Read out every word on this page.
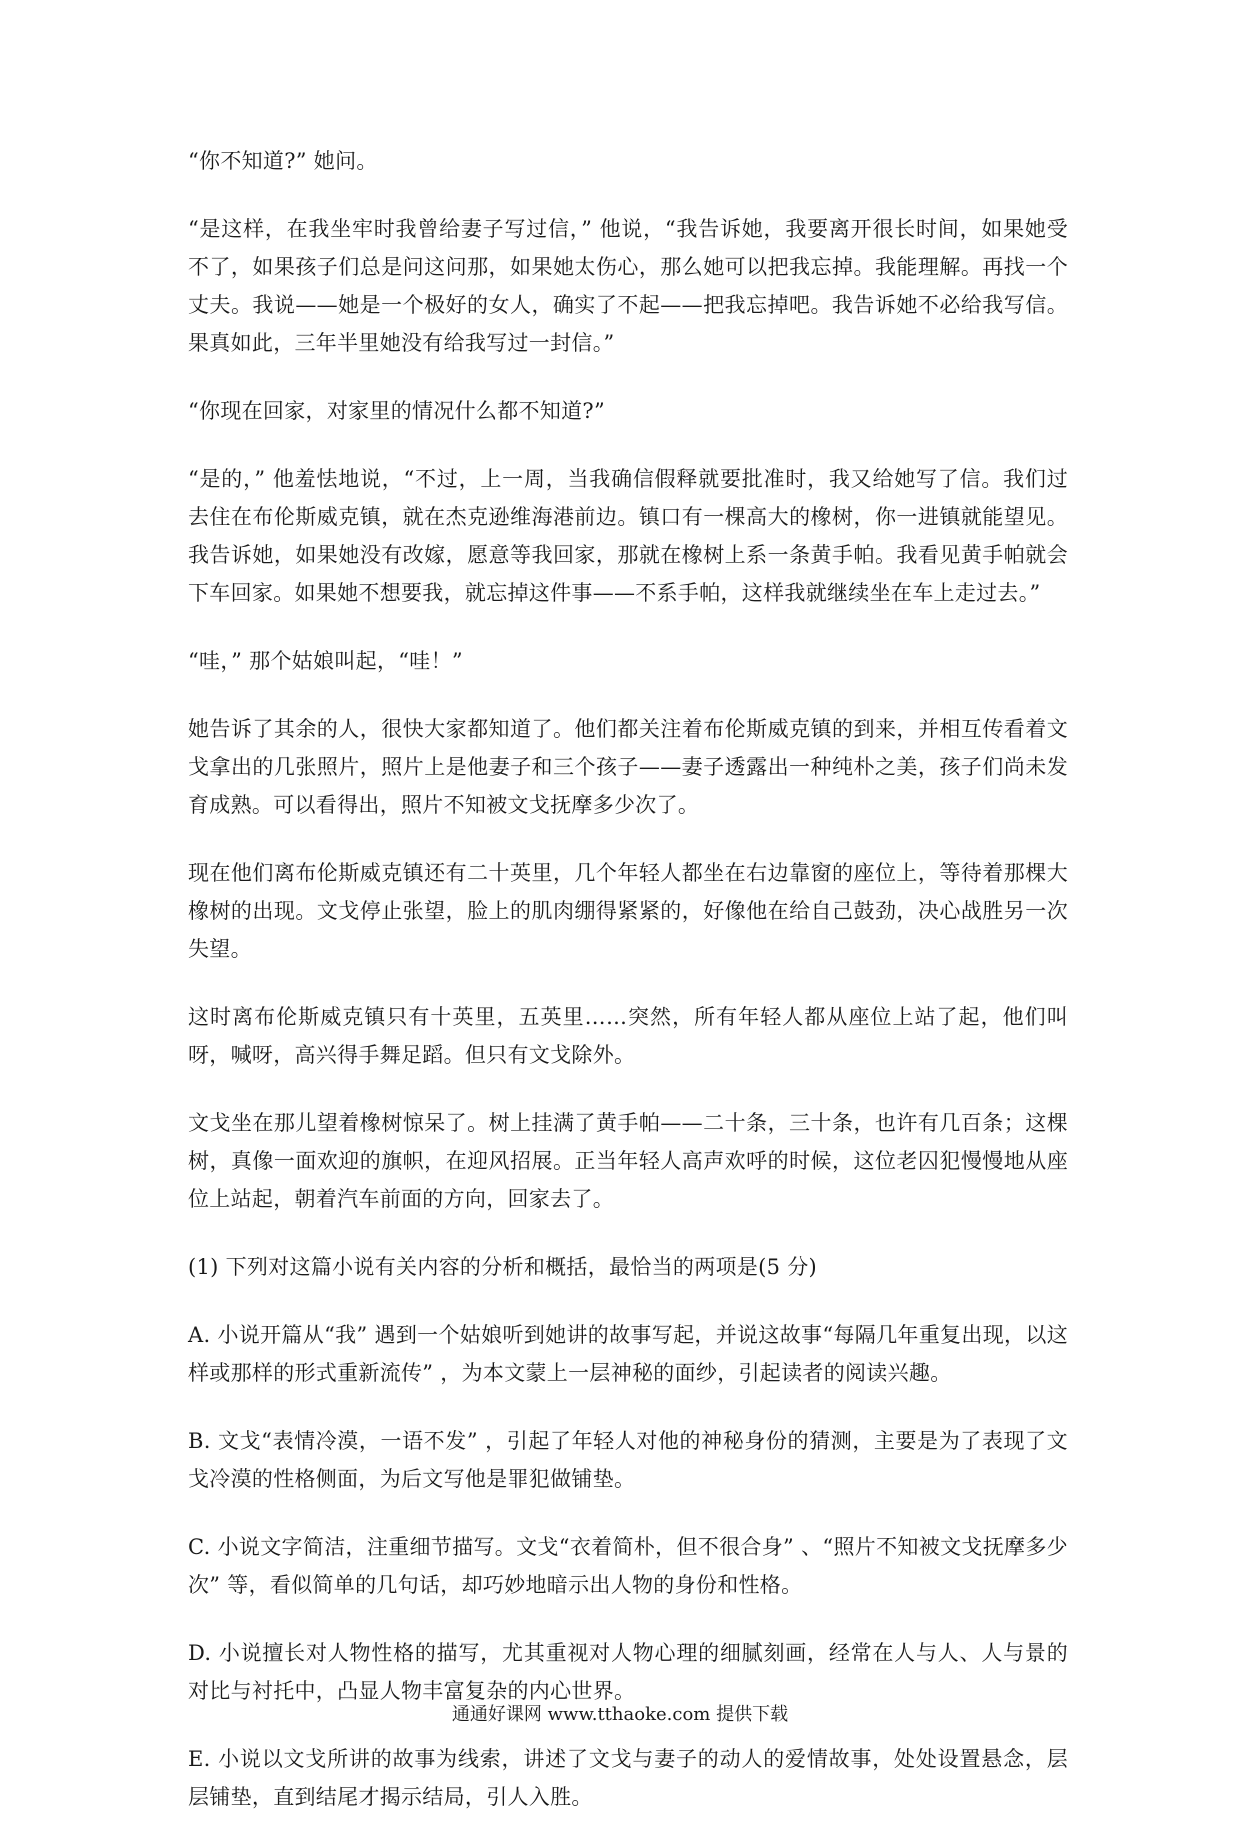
“你不知道?” 她问。

“是这样，在我坐牢时我曾给妻子写过信，” 他说，“我告诉她，我要离开很长时间，如果她受不了，如果孩子们总是问这问那，如果她太伤心，那么她可以把我忘掉。我能理解。再找一个丈夫。我说——她是一个极好的女人，确实了不起——把我忘掉吧。我告诉她不必给我写信。果真如此，三年半里她没有给我写过一封信。”

“你现在回家，对家里的情况什么都不知道?”

“是的，” 他羞怯地说，“不过，上一周，当我确信假释就要批准时，我又给她写了信。我们过去住在布伦斯威克镇，就在杰克逊维海港前边。镇口有一棵高大的橡树，你一进镇就能望见。我告诉她，如果她没有改嫁，愿意等我回家，那就在橡树上系一条黄手帕。我看见黄手帕就会下车回家。如果她不想要我，就忘掉这件事——不系手帕，这样我就继续坐在车上走过去。”

“哇，” 那个姑娘叫起，“哇！”

她告诉了其余的人，很快大家都知道了。他们都关注着布伦斯威克镇的到来，并相互传看着文戈拿出的几张照片，照片上是他妻子和三个孩子——妻子透露出一种纯朴之美，孩子们尚未发育成熟。可以看得出，照片不知被文戈抚摩多少次了。

现在他们离布伦斯威克镇还有二十英里，几个年轻人都坐在右边靠窗的座位上，等待着那棵大橡树的出现。文戈停止张望，脸上的肌肉绷得紧紧的，好像他在给自己鼓劲，决心战胜另一次失望。

这时离布伦斯威克镇只有十英里，五英里……突然，所有年轻人都从座位上站了起，他们叫呀，喊呀，高兴得手舞足蹈。但只有文戈除外。

文戈坐在那儿望着橡树惊呆了。树上挂满了黄手帕——二十条，三十条，也许有几百条；这棵树，真像一面欢迎的旗帜，在迎风招展。正当年轻人高声欢呼的时候，这位老囚犯慢慢地从座位上站起，朝着汽车前面的方向，回家去了。

(1) 下列对这篇小说有关内容的分析和概括，最恰当的两项是(5 分)

A. 小说开篇从“我” 遇到一个姑娘听到她讲的故事写起，并说这故事“每隔几年重复出现，以这样或那样的形式重新流传” ，为本文蒙上一层神秘的面纱，引起读者的阅读兴趣。

B. 文戈“表情冷漠，一语不发” ，引起了年轻人对他的神秘身份的猜测，主要是为了表现了文戈冷漠的性格侧面，为后文写他是罪犯做铺垫。

C. 小说文字简洁，注重细节描写。文戈“衣着简朴，但不很合身” 、“照片不知被文戈抚摩多少次” 等，看似简单的几句话，却巧妙地暗示出人物的身份和性格。

D. 小说擅长对人物性格的描写，尤其重视对人物心理的细腻刻画，经常在人与人、人与景的对比与衬托中，凸显人物丰富复杂的内心世界。

E. 小说以文戈所讲的故事为线索，讲述了文戈与妻子的动人的爱情故事，处处设置悬念，层层铺垫，直到结尾才揭示结局，引人入胜。

通通好课网 www.tthaoke.com 提供下载
